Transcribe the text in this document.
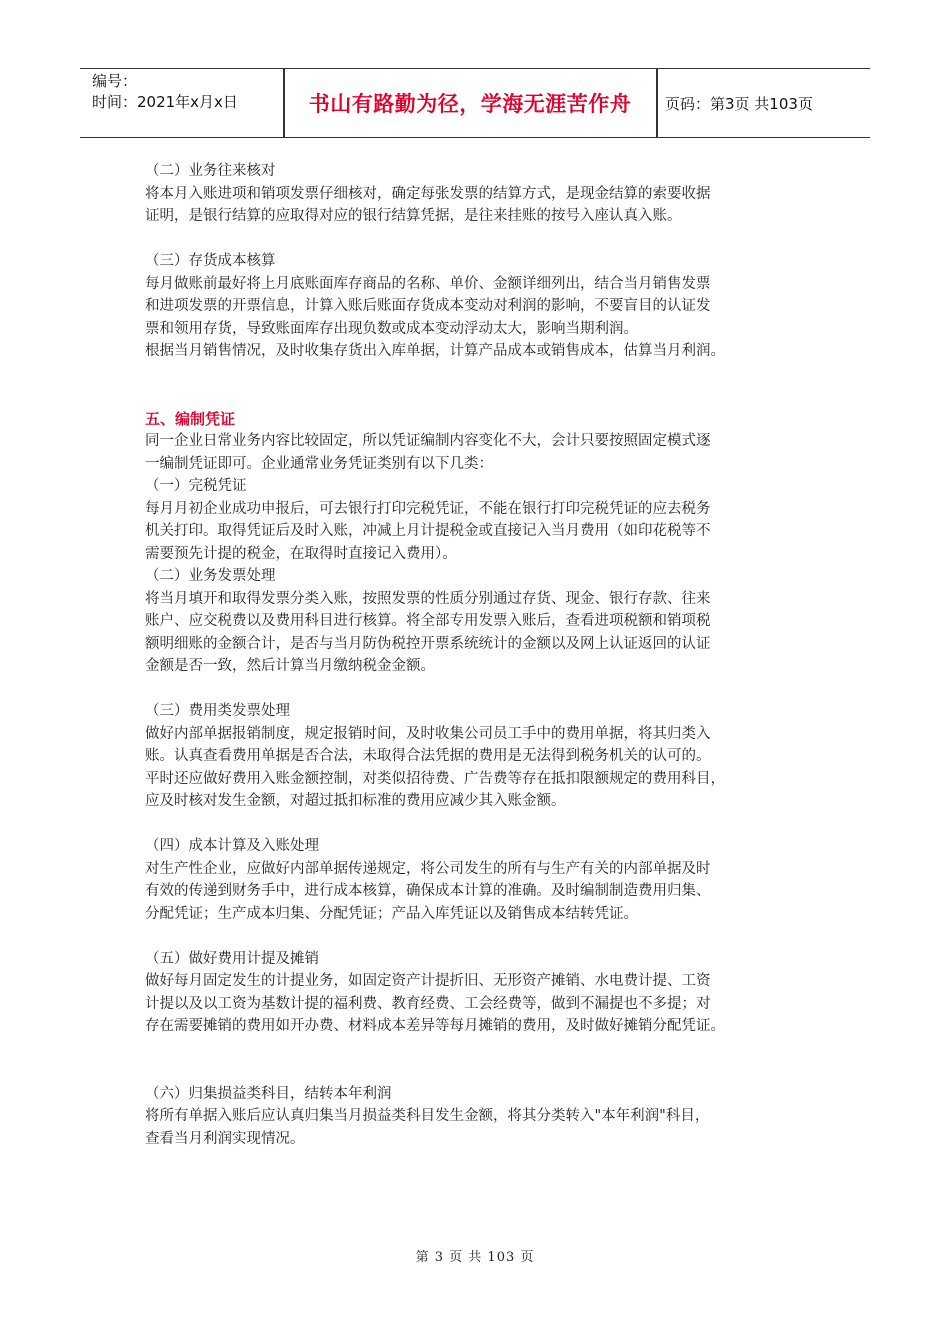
编号：
时间：2021年x月x日	书山有路勤为径，学海无涯苦作舟	页码：第3页 共103页

（二）业务往来核对

将本月入账进项和销项发票仔细核对，确定每张发票的结算方式，是现金结算的索要收据

证明，是银行结算的应取得对应的银行结算凭据，是往来挂账的按号入座认真入账。

（三）存货成本核算

每月做账前最好将上月底账面库存商品的名称、单价、金额详细列出，结合当月销售发票

和进项发票的开票信息，计算入账后账面存货成本变动对利润的影响，不要盲目的认证发

票和领用存货，导致账面库存出现负数或成本变动浮动太大，影响当期利润。

根据当月销售情况，及时收集存货出入库单据，计算产品成本或销售成本，估算当月利润。

五、编制凭证

同一企业日常业务内容比较固定，所以凭证编制内容变化不大，会计只要按照固定模式逐

一编制凭证即可。企业通常业务凭证类别有以下几类：

（一）完税凭证

每月月初企业成功申报后，可去银行打印完税凭证，不能在银行打印完税凭证的应去税务

机关打印。取得凭证后及时入账，冲减上月计提税金或直接记入当月费用（如印花税等不

需要预先计提的税金，在取得时直接记入费用）。

（二）业务发票处理

将当月填开和取得发票分类入账，按照发票的性质分别通过存货、现金、银行存款、往来

账户、应交税费以及费用科目进行核算。将全部专用发票入账后，查看进项税额和销项税

额明细账的金额合计，是否与当月防伪税控开票系统统计的金额以及网上认证返回的认证

金额是否一致，然后计算当月缴纳税金金额。

（三）费用类发票处理

做好内部单据报销制度，规定报销时间，及时收集公司员工手中的费用单据，将其归类入

账。认真查看费用单据是否合法，未取得合法凭据的费用是无法得到税务机关的认可的。

平时还应做好费用入账金额控制，对类似招待费、广告费等存在抵扣限额规定的费用科目，

应及时核对发生金额，对超过抵扣标准的费用应减少其入账金额。

（四）成本计算及入账处理

对生产性企业，应做好内部单据传递规定，将公司发生的所有与生产有关的内部单据及时

有效的传递到财务手中，进行成本核算，确保成本计算的准确。及时编制制造费用归集、

分配凭证；生产成本归集、分配凭证；产品入库凭证以及销售成本结转凭证。

（五）做好费用计提及摊销

做好每月固定发生的计提业务，如固定资产计提折旧、无形资产摊销、水电费计提、工资

计提以及以工资为基数计提的福利费、教育经费、工会经费等，做到不漏提也不多提；对

存在需要摊销的费用如开办费、材料成本差异等每月摊销的费用，及时做好摊销分配凭证。

（六）归集损益类科目，结转本年利润

将所有单据入账后应认真归集当月损益类科目发生金额，将其分类转入"本年利润"科目，

查看当月利润实现情况。

第 3 页 共 103 页
